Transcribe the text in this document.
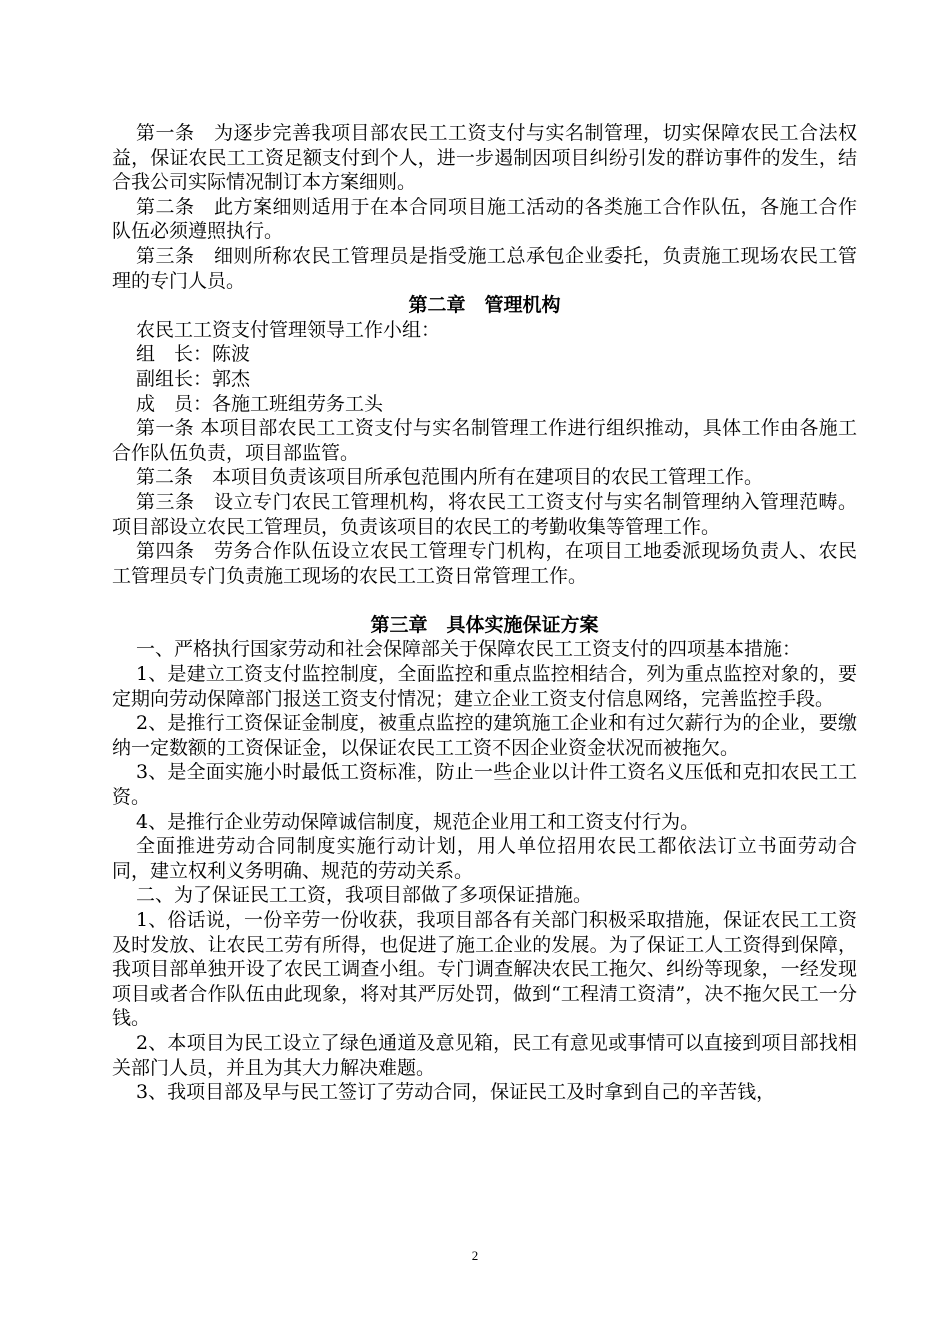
第一条　为逐步完善我项目部农民工工资支付与实名制管理，切实保障农民工合法权益，保证农民工工资足额支付到个人，进一步遏制因项目纠纷引发的群访事件的发生，结合我公司实际情况制订本方案细则。

第二条　此方案细则适用于在本合同项目施工活动的各类施工合作队伍，各施工合作队伍必须遵照执行。

第三条　细则所称农民工管理员是指受施工总承包企业委托，负责施工现场农民工管理的专门人员。

第二章　管理机构

农民工工资支付管理领导工作小组：

组　长：陈波

副组长：郭杰

成　员：各施工班组劳务工头

第一条 本项目部农民工工资支付与实名制管理工作进行组织推动，具体工作由各施工合作队伍负责，项目部监管。

第二条　本项目负责该项目所承包范围内所有在建项目的农民工管理工作。

第三条　设立专门农民工管理机构，将农民工工资支付与实名制管理纳入管理范畴。项目部设立农民工管理员，负责该项目的农民工的考勤收集等管理工作。

第四条　劳务合作队伍设立农民工管理专门机构，在项目工地委派现场负责人、农民工管理员专门负责施工现场的农民工工资日常管理工作。

第三章　具体实施保证方案

一、严格执行国家劳动和社会保障部关于保障农民工工资支付的四项基本措施：

1、是建立工资支付监控制度，全面监控和重点监控相结合，列为重点监控对象的，要定期向劳动保障部门报送工资支付情况；建立企业工资支付信息网络，完善监控手段。

2、是推行工资保证金制度，被重点监控的建筑施工企业和有过欠薪行为的企业，要缴纳一定数额的工资保证金，以保证农民工工资不因企业资金状况而被拖欠。

3、是全面实施小时最低工资标准，防止一些企业以计件工资名义压低和克扣农民工工资。

4、是推行企业劳动保障诚信制度，规范企业用工和工资支付行为。

全面推进劳动合同制度实施行动计划，用人单位招用农民工都依法订立书面劳动合同，建立权利义务明确、规范的劳动关系。

二、为了保证民工工资，我项目部做了多项保证措施。

1、俗话说，一份辛劳一份收获，我项目部各有关部门积极采取措施，保证农民工工资及时发放、让农民工劳有所得，也促进了施工企业的发展。为了保证工人工资得到保障，我项目部单独开设了农民工调查小组。专门调查解决农民工拖欠、纠纷等现象，一经发现项目或者合作队伍由此现象，将对其严厉处罚，做到“工程清工资清”，决不拖欠民工一分钱。

2、本项目为民工设立了绿色通道及意见箱，民工有意见或事情可以直接到项目部找相关部门人员，并且为其大力解决难题。

3、我项目部及早与民工签订了劳动合同，保证民工及时拿到自己的辛苦钱，

2
